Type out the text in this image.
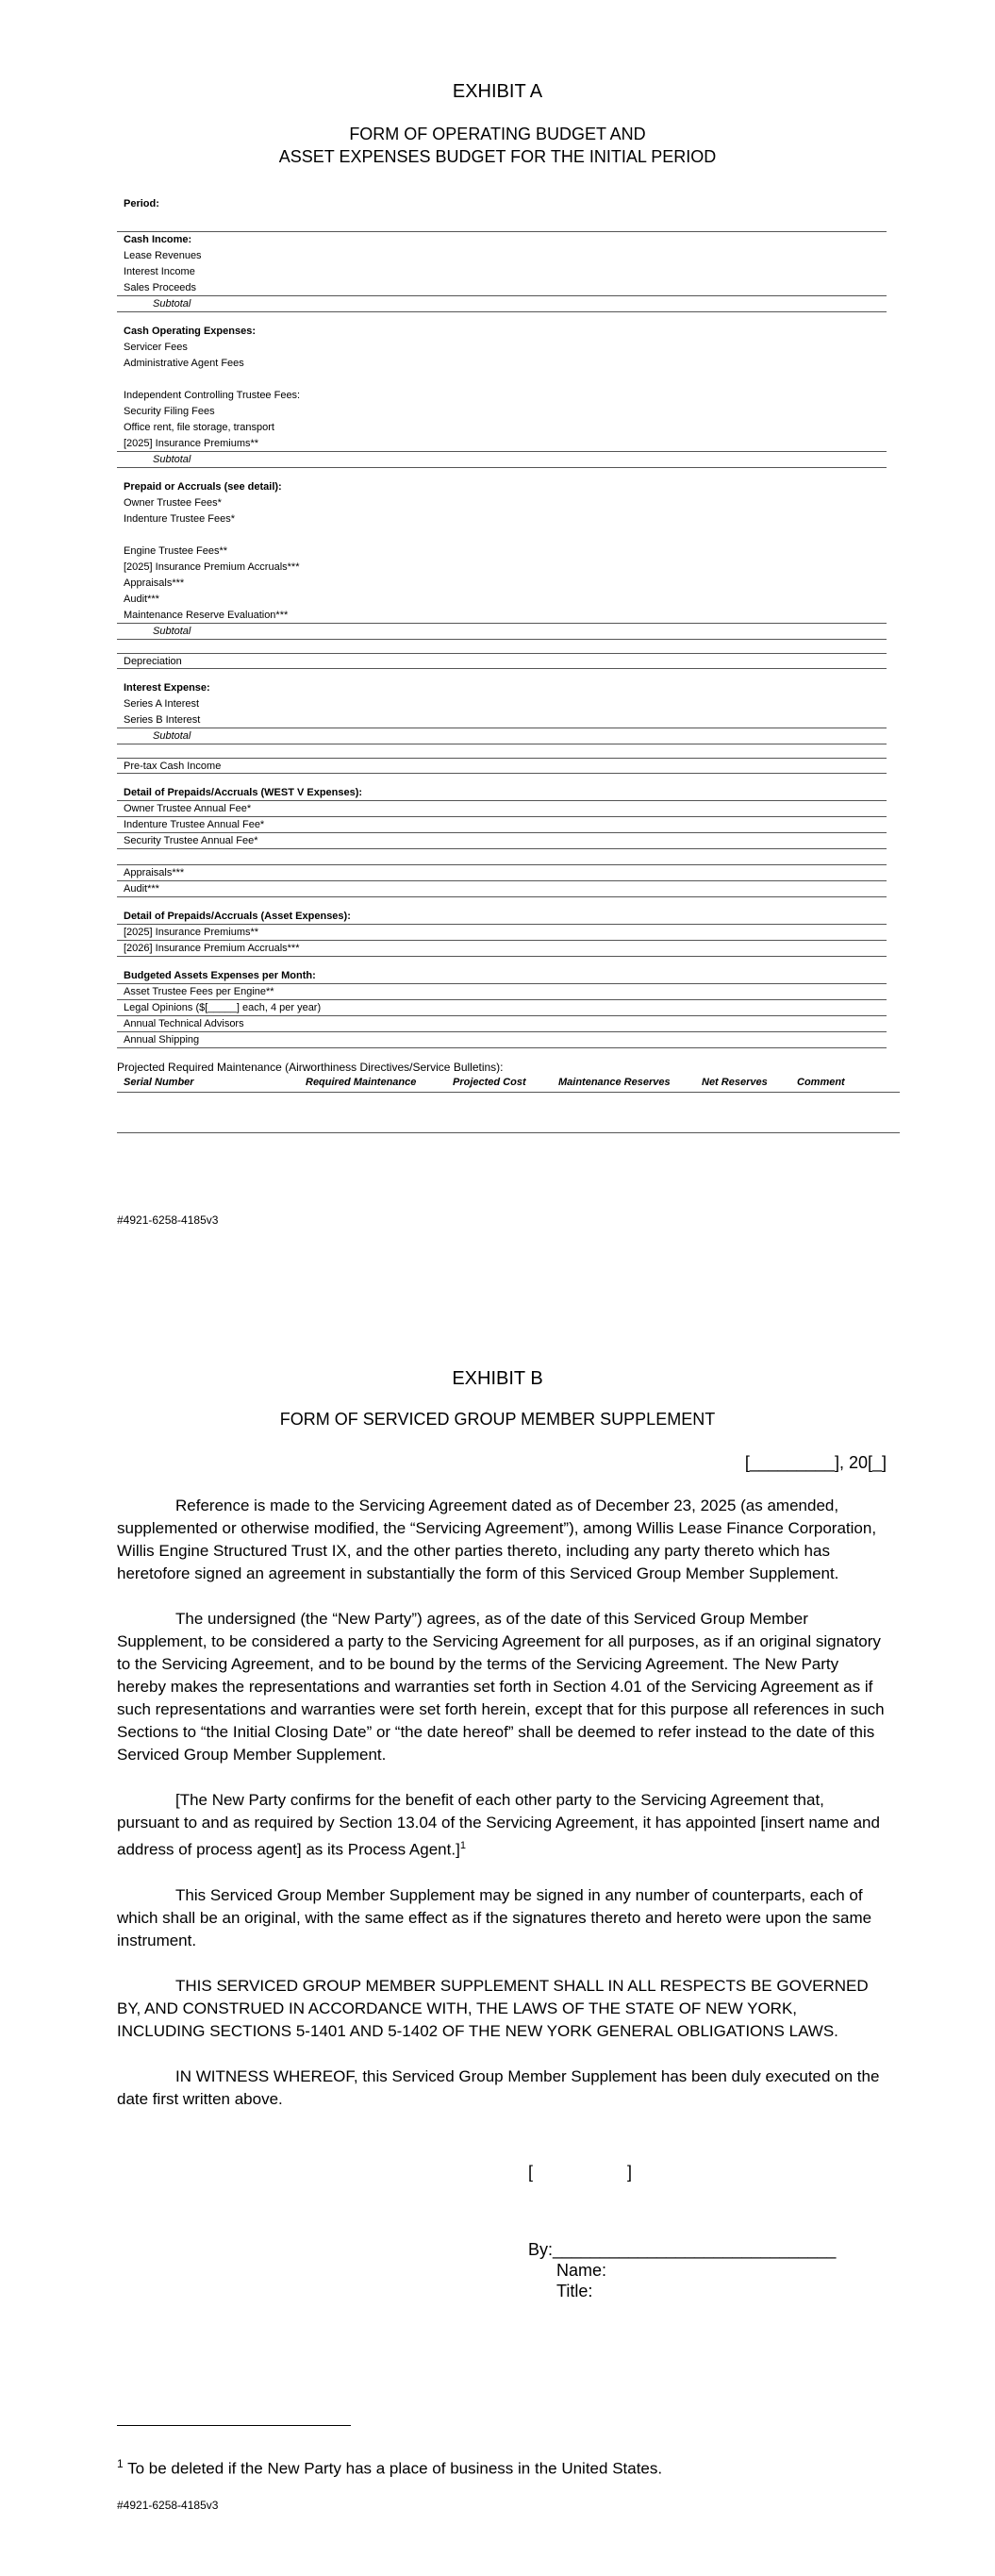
EXHIBIT A
FORM OF OPERATING BUDGET AND
ASSET EXPENSES BUDGET FOR THE INITIAL PERIOD
Period:
Cash Income:
Lease Revenues
Interest Income
Sales Proceeds
Subtotal
Cash Operating Expenses:
Servicer Fees
Administrative Agent Fees
Independent Controlling Trustee Fees:
Security Filing Fees
Office rent, file storage, transport
[2025] Insurance Premiums**
Subtotal
Prepaid or Accruals (see detail):
Owner Trustee Fees*
Indenture Trustee Fees*
Engine Trustee Fees**
[2025] Insurance Premium Accruals***
Appraisals***
Audit***
Maintenance Reserve Evaluation***
Subtotal
Depreciation
Interest Expense:
Series A Interest
Series B Interest
Subtotal
Pre-tax Cash Income
Detail of Prepaids/Accruals (WEST V Expenses):
Owner Trustee Annual Fee*
Indenture Trustee Annual Fee*
Security Trustee Annual Fee*
Appraisals***
Audit***
Detail of Prepaids/Accruals (Asset Expenses):
[2025] Insurance Premiums**
[2026] Insurance Premium Accruals***
Budgeted Assets Expenses per Month:
Asset Trustee Fees per Engine**
Legal Opinions ($[_____] each, 4 per year)
Annual Technical Advisors
Annual Shipping
Projected Required Maintenance (Airworthiness Directives/Service Bulletins):
Serial Number	Required Maintenance	Projected Cost	Maintenance Reserves	Net Reserves	Comment
#4921-6258-4185v3
EXHIBIT B
FORM OF SERVICED GROUP MEMBER SUPPLEMENT
[_________], 20[_]

Reference is made to the Servicing Agreement dated as of December 23, 2025 (as amended, supplemented or otherwise modified, the “Servicing Agreement”), among Willis Lease Finance Corporation, Willis Engine Structured Trust IX, and the other parties thereto, including any party thereto which has heretofore signed an agreement in substantially the form of this Serviced Group Member Supplement.

The undersigned (the “New Party”) agrees, as of the date of this Serviced Group Member Supplement, to be considered a party to the Servicing Agreement for all purposes, as if an original signatory to the Servicing Agreement, and to be bound by the terms of the Servicing Agreement. The New Party hereby makes the representations and warranties set forth in Section 4.01 of the Servicing Agreement as if such representations and warranties were set forth herein, except that for this purpose all references in such Sections to “the Initial Closing Date” or “the date hereof” shall be deemed to refer instead to the date of this Serviced Group Member Supplement.

[The New Party confirms for the benefit of each other party to the Servicing Agreement that, pursuant to and as required by Section 13.04 of the Servicing Agreement, it has appointed [insert name and address of process agent] as its Process Agent.]$^1$

This Serviced Group Member Supplement may be signed in any number of counterparts, each of which shall be an original, with the same effect as if the signatures thereto and hereto were upon the same instrument.

THIS SERVICED GROUP MEMBER SUPPLEMENT SHALL IN ALL RESPECTS BE GOVERNED BY, AND CONSTRUED IN ACCORDANCE WITH, THE LAWS OF THE STATE OF NEW YORK, INCLUDING SECTIONS 5-1401 AND 5-1402 OF THE NEW YORK GENERAL OBLIGATIONS LAWS.

IN WITNESS WHEREOF, this Serviced Group Member Supplement has been duly executed on the date first written above.

[                    ]
By:______________________________
Name:
Title:
$^1$ To be deleted if the New Party has a place of business in the United States.
#4921-6258-4185v3
